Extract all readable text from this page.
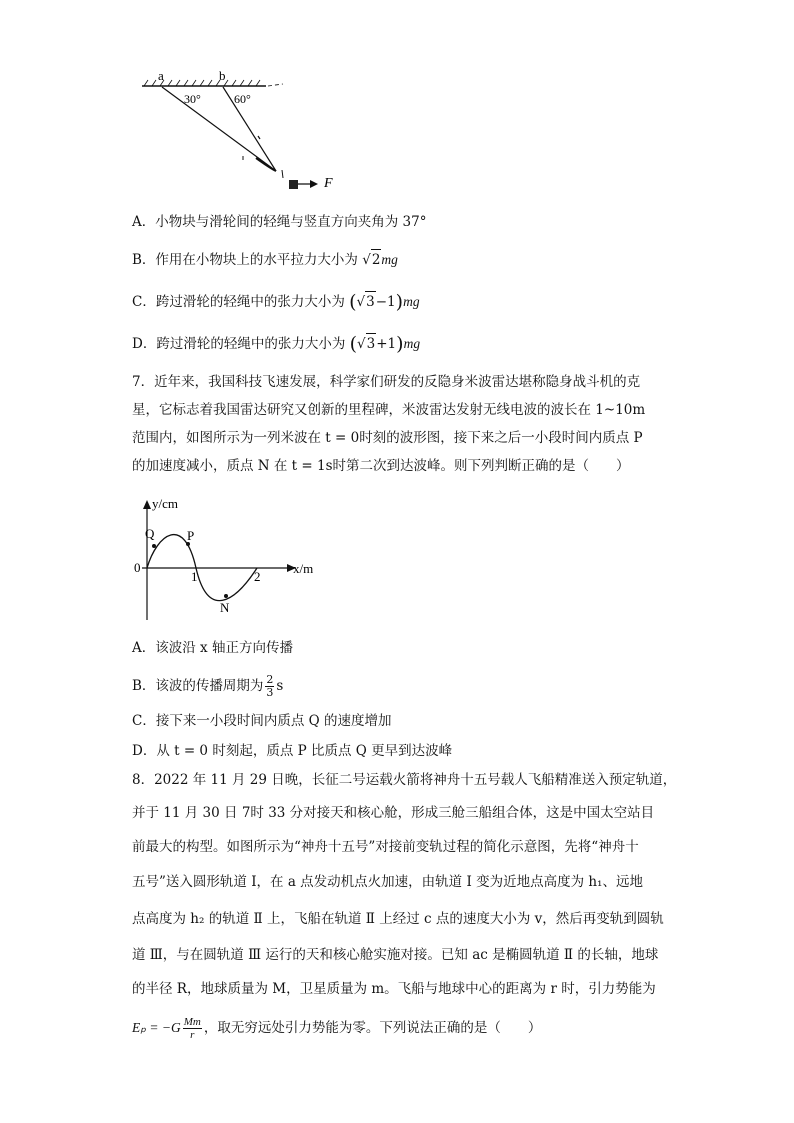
a	b
30°	60°
F
A．小物块与滑轮间的轻绳与竖直方向夹角为 37°
B．作用在小物块上的水平拉力大小为 √2mg
C．跨过滑轮的轻绳中的张力大小为 (√3−1)mg
D．跨过滑轮的轻绳中的张力大小为 (√3+1)mg
7．近年来，我国科技飞速发展，科学家们研发的反隐身米波雷达堪称隐身战斗机的克
星，它标志着我国雷达研究又创新的里程碑，米波雷达发射无线电波的波长在 1~10m
范围内，如图所示为一列米波在 t = 0时刻的波形图，接下来之后一小段时间内质点 P
的加速度减小，质点 N 在 t = 1s时第二次到达波峰。则下列判断正确的是（　　）
y/cm
x/m
0
1	2
Q	P
N
A．该波沿 x 轴正方向传播
B．该波的传播周期为 $\frac{2}{3}$ s
C．接下来一小段时间内质点 Q 的速度增加
D．从 t = 0 时刻起，质点 P 比质点 Q 更早到达波峰
8．2022 年 11 月 29 日晚，长征二号运载火箭将神舟十五号载人飞船精准送入预定轨道，
并于 11 月 30 日 7时 33 分对接天和核心舱，形成三舱三船组合体，这是中国太空站目
前最大的构型。如图所示为“神舟十五号”对接前变轨过程的简化示意图，先将“神舟十
五号”送入圆形轨道 Ⅰ，在 a 点发动机点火加速，由轨道 Ⅰ 变为近地点高度为 h₁、远地
点高度为 h₂ 的轨道 Ⅱ 上，飞船在轨道 Ⅱ 上经过 c 点的速度大小为 v，然后再变轨到圆轨
道 Ⅲ，与在圆轨道 Ⅲ 运行的天和核心舱实施对接。已知 ac 是椭圆轨道 Ⅱ 的长轴，地球
的半径 R，地球质量为 M，卫星质量为 m。飞船与地球中心的距离为 r 时，引力势能为
$E_p = -G \frac{Mm}{r}$ ，取无穷远处引力势能为零。下列说法正确的是（　　）
